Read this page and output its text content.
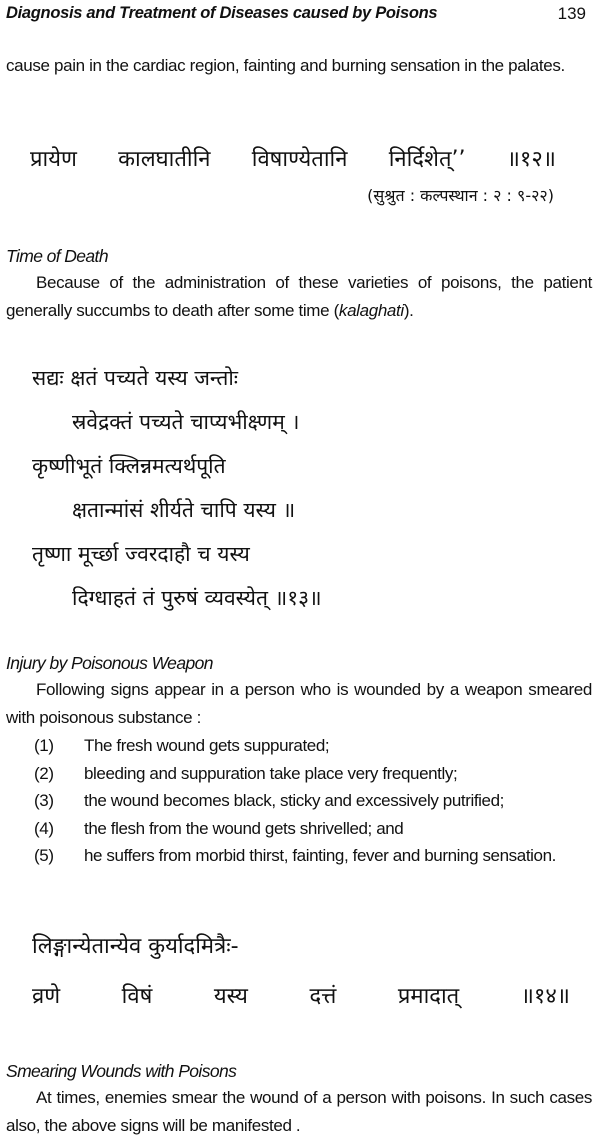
Diagnosis and Treatment of Diseases caused by Poisons	139

cause pain in the cardiac region, fainting and burning sensation in the palates.

प्रायेण कालघातीनि विषाण्येतानि निर्दिशेत्’’ ॥१२॥
(सुश्रुत : कल्पस्थान : २ : ९-२२)

Time of Death

Because of the administration of these varieties of poisons, the patient generally succumbs to death after some time (kalaghati).

सद्यः क्षतं पच्यते यस्य जन्तोः
स्रवेद्रक्तं पच्यते चाप्यभीक्ष्णम् ।
कृष्णीभूतं क्लिन्नमत्यर्थपूति
क्षतान्मांसं शीर्यते चापि यस्य ॥
तृष्णा मूर्च्छा ज्वरदाहौ च यस्य
दिग्धाहतं तं पुरुषं व्यवस्येत् ॥१३॥

Injury by Poisonous Weapon

Following signs appear in a person who is wounded by a weapon smeared with poisonous substance :

(1)	The fresh wound gets suppurated;
(2)	bleeding and suppuration take place very frequently;
(3)	the wound becomes black, sticky and excessively putrified;
(4)	the flesh from the wound gets shrivelled; and
(5)	he suffers from morbid thirst, fainting, fever and burning sensation.
लिङ्गान्येतान्येव कुर्यादमित्रैः-
व्रणे	विषं	यस्य	दत्तं	प्रमादात्	॥१४॥

Smearing Wounds with Poisons

At times, enemies smear the wound of a person with poisons. In such cases also, the above signs will be manifested .
